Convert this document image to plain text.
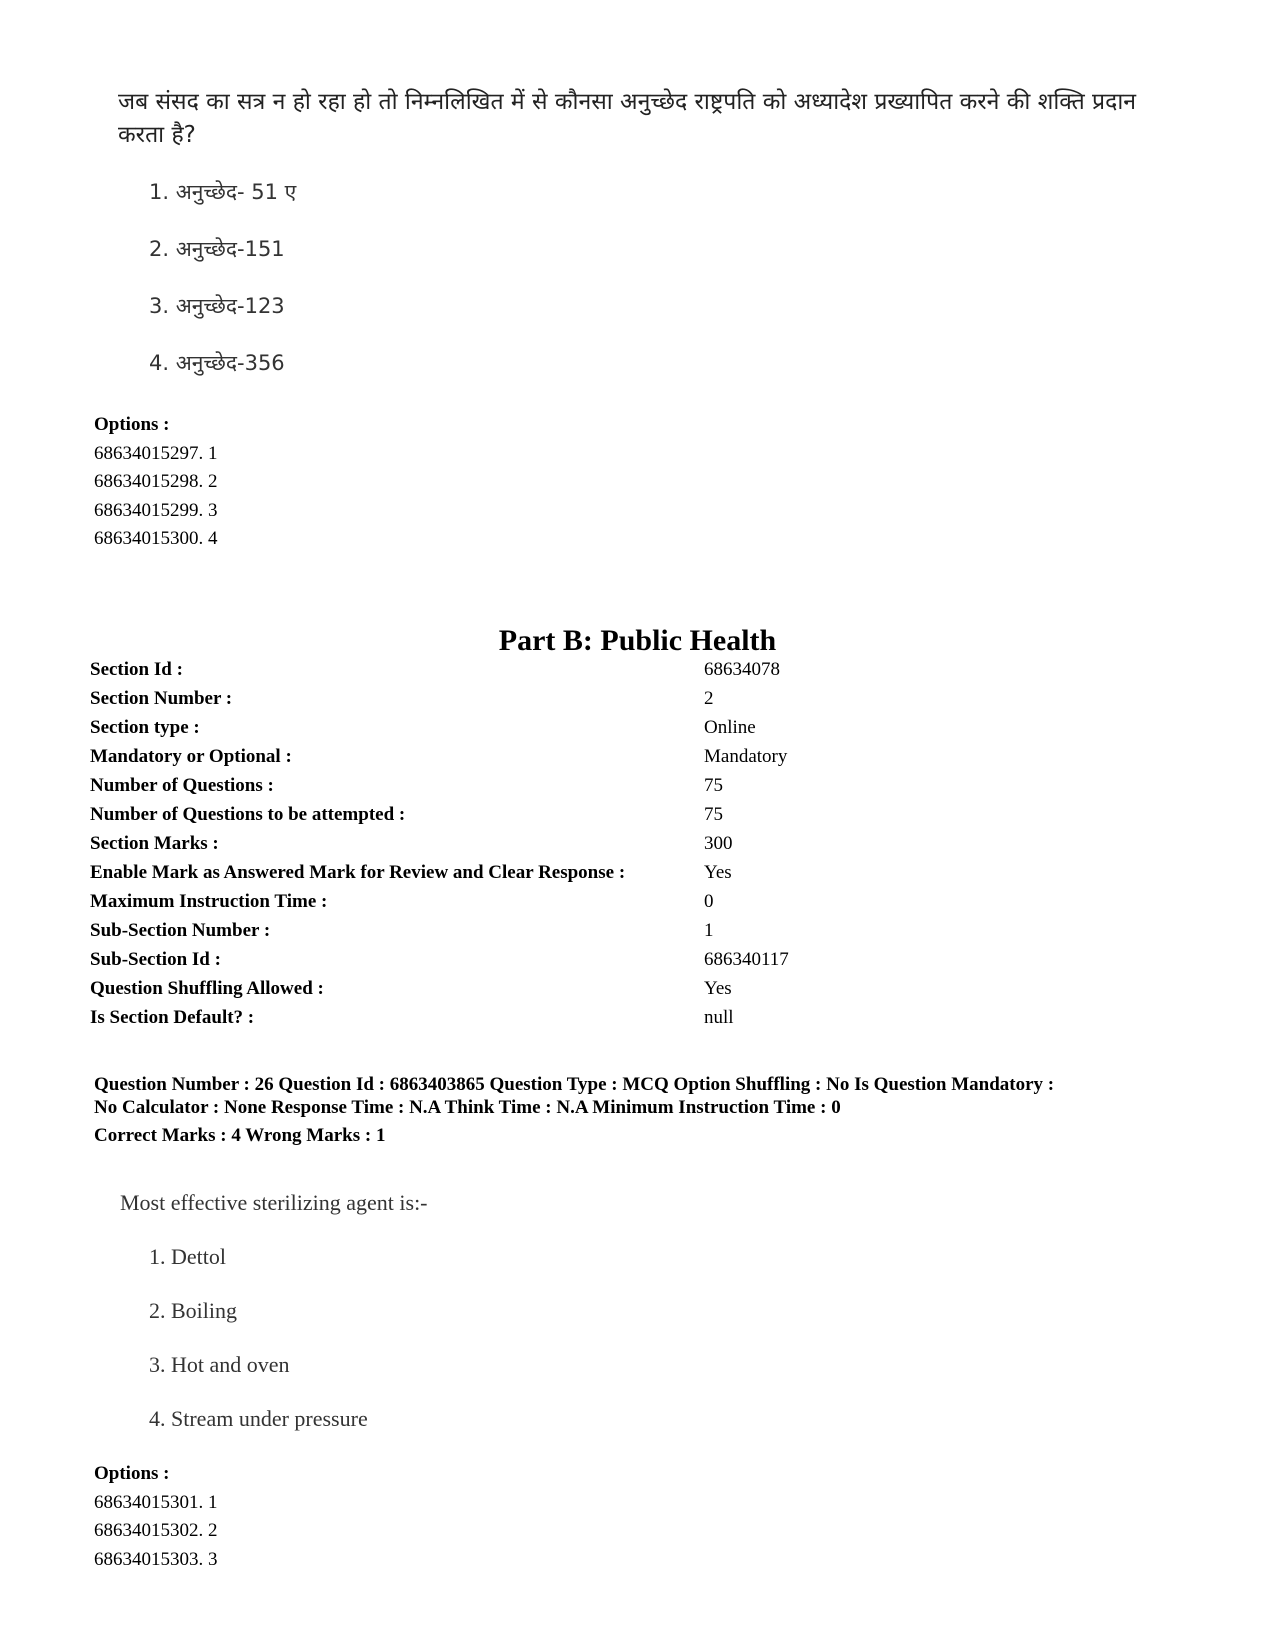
जब संसद का सत्र न हो रहा हो तो निम्नलिखित में से कौनसा अनुच्छेद राष्ट्रपति को अध्यादेश प्रख्यापित करने की शक्ति प्रदान करता है?
1. अनुच्छेद- 51 ए
2. अनुच्छेद-151
3. अनुच्छेद-123
4. अनुच्छेद-356
Options :
68634015297. 1
68634015298. 2
68634015299. 3
68634015300. 4
Part B: Public Health
Section Id :	68634078
Section Number :	2
Section type :	Online
Mandatory or Optional :	Mandatory
Number of Questions :	75
Number of Questions to be attempted :	75
Section Marks :	300
Enable Mark as Answered Mark for Review and Clear Response :	Yes
Maximum Instruction Time :	0
Sub-Section Number :	1
Sub-Section Id :	686340117
Question Shuffling Allowed :	Yes
Is Section Default? :	null
Question Number : 26 Question Id : 6863403865 Question Type : MCQ Option Shuffling : No Is Question Mandatory :
No Calculator : None Response Time : N.A Think Time : N.A Minimum Instruction Time : 0
Correct Marks : 4 Wrong Marks : 1
Most effective sterilizing agent is:-
1. Dettol
2. Boiling
3. Hot and oven
4. Stream under pressure
Options :
68634015301. 1
68634015302. 2
68634015303. 3
